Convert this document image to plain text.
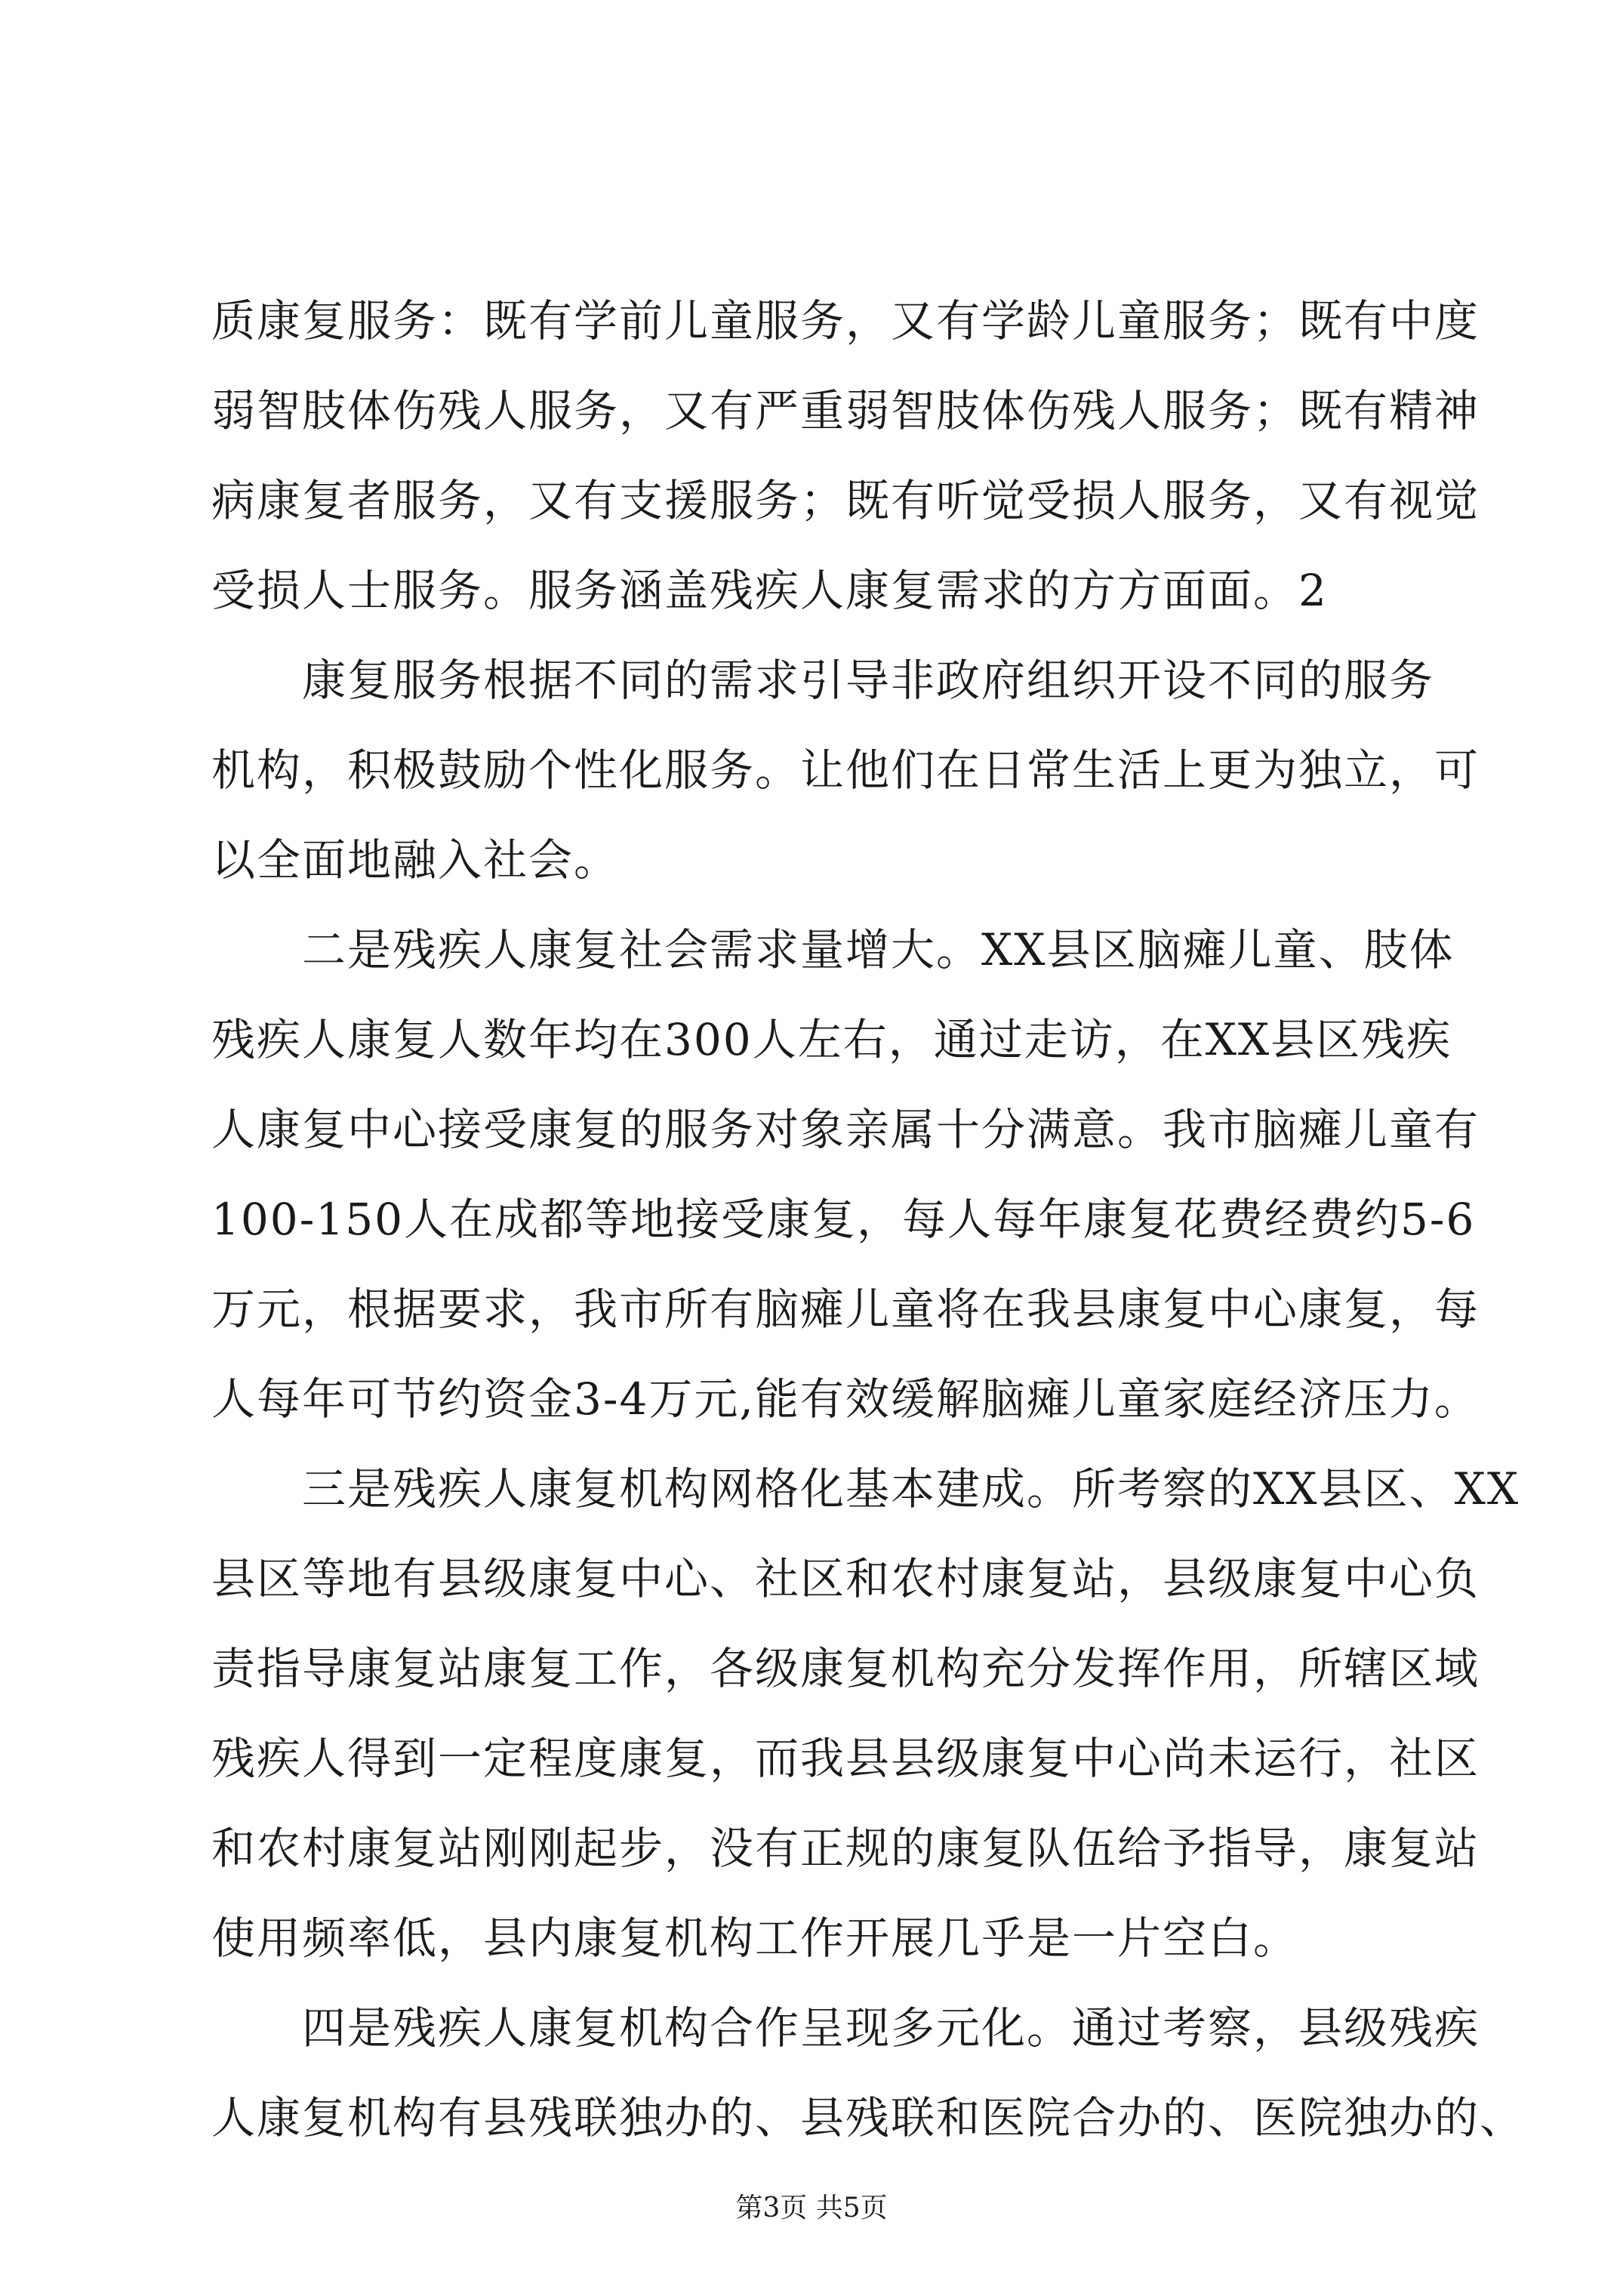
质康复服务：既有学前儿童服务，又有学龄儿童服务；既有中度
弱智肢体伤残人服务，又有严重弱智肢体伤残人服务；既有精神
病康复者服务，又有支援服务；既有听觉受损人服务，又有视觉
受损人士服务。服务涵盖残疾人康复需求的方方面面。2
康复服务根据不同的需求引导非政府组织开设不同的服务
机构，积极鼓励个性化服务。让他们在日常生活上更为独立，可
以全面地融入社会。
二是残疾人康复社会需求量增大。XX县区脑瘫儿童、肢体
残疾人康复人数年均在300人左右，通过走访，在XX县区残疾
人康复中心接受康复的服务对象亲属十分满意。我市脑瘫儿童有
100-150人在成都等地接受康复，每人每年康复花费经费约5-6
万元，根据要求，我市所有脑瘫儿童将在我县康复中心康复，每
人每年可节约资金3-4万元,能有效缓解脑瘫儿童家庭经济压力。
三是残疾人康复机构网格化基本建成。所考察的XX县区、XX
县区等地有县级康复中心、社区和农村康复站，县级康复中心负
责指导康复站康复工作，各级康复机构充分发挥作用，所辖区域
残疾人得到一定程度康复，而我县县级康复中心尚未运行，社区
和农村康复站刚刚起步，没有正规的康复队伍给予指导，康复站
使用频率低，县内康复机构工作开展几乎是一片空白。
四是残疾人康复机构合作呈现多元化。通过考察，县级残疾
人康复机构有县残联独办的、县残联和医院合办的、医院独办的、
第3页 共5页
